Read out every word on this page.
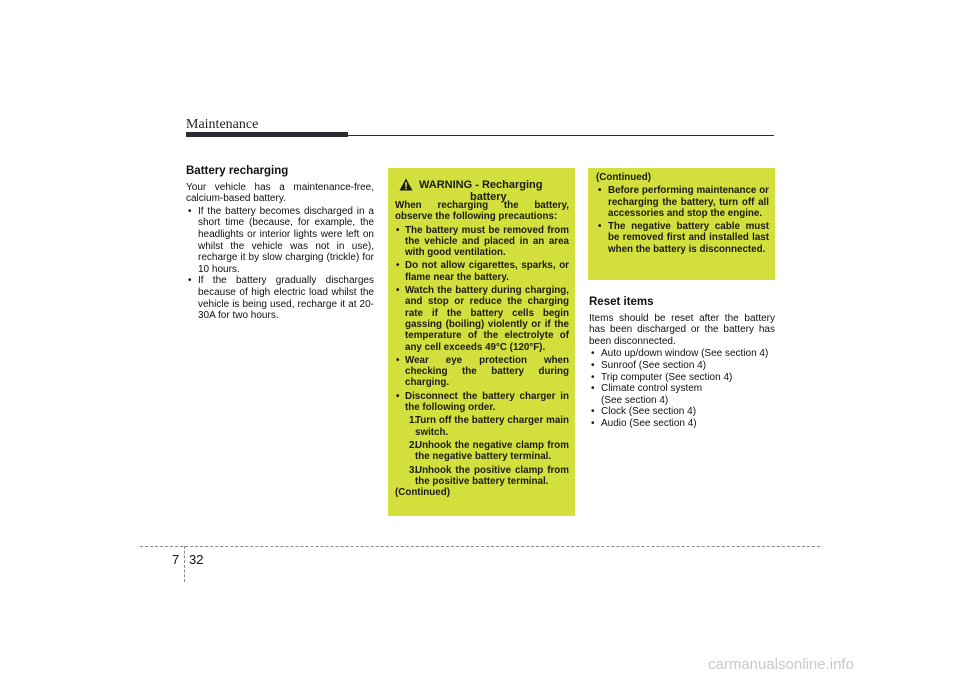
Maintenance
Battery recharging

Your vehicle has a maintenance-free, calcium-based battery.

• If the battery becomes discharged in a short time (because, for example, the headlights or interior lights were left on whilst the vehicle was not in use), recharge it by slow charging (trickle) for 10 hours.
• If the battery gradually discharges because of high electric load whilst the vehicle is being used, recharge it at 20-30A for two hours.
WARNING - Recharging
battery

When recharging the battery, observe the following precautions:

• The battery must be removed from the vehicle and placed in an area with good ventilation.
• Do not allow cigarettes, sparks, or flame near the battery.
• Watch the battery during charging, and stop or reduce the charging rate if the battery cells begin gassing (boiling) violently or if the temperature of the electrolyte of any cell exceeds 49°C (120°F).
• Wear eye protection when checking the battery during charging.
• Disconnect the battery charger in the following order.
1.
Turn off the battery charger main switch.
2.
Unhook the negative clamp from the negative battery terminal.
3.
Unhook the positive clamp from the positive battery terminal.

(Continued)

(Continued)

• Before performing maintenance or recharging the battery, turn off all accessories and stop the engine.
• The negative battery cable must be removed first and installed last when the battery is disconnected.
Reset items

Items should be reset after the battery has been discharged or the battery has been disconnected.

• Auto up/down window (See section 4)
• Sunroof (See section 4)
• Trip computer (See section 4)
• Climate control system
(See section 4)
• Clock (See section 4)
• Audio (See section 4)
7 32
carmanualsonline.info
